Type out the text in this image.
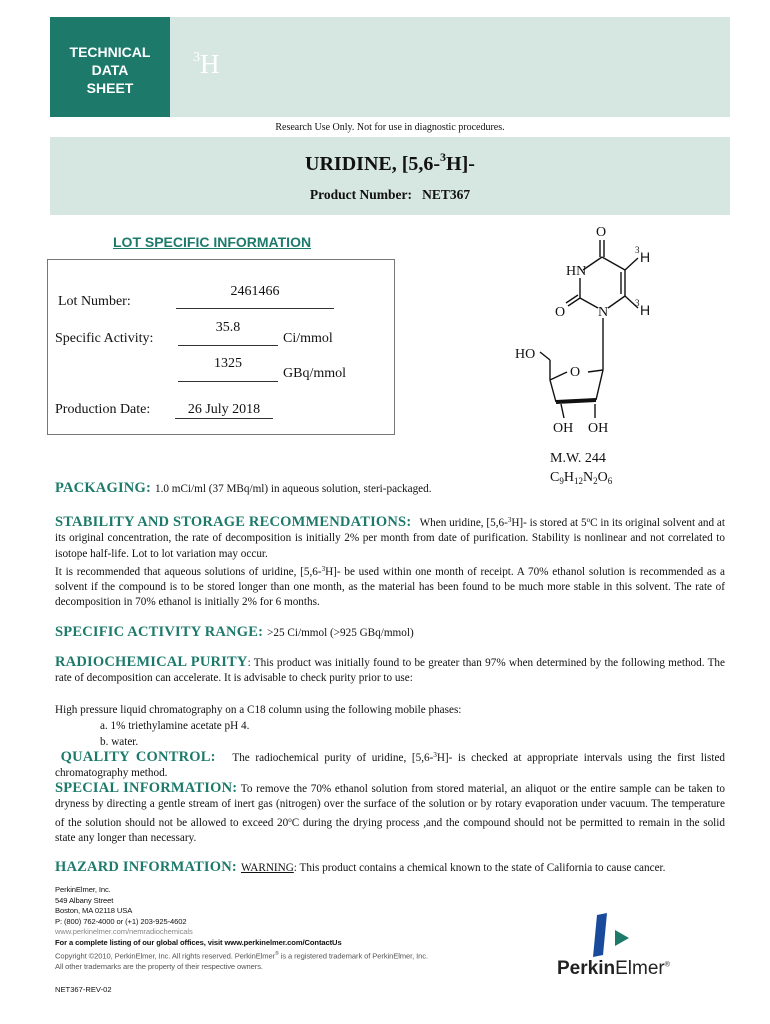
TECHNICAL
DATA
SHEET
$^3$H
Research Use Only. Not for use in diagnostic procedures.
URIDINE, [5,6-$^3$H]-
Product Number: NET367
LOT SPECIFIC INFORMATION
Lot Number:
2461466
Specific Activity:
35.8
Ci/mmol
1325
GBq/mmol
Production Date:	26 July 2018
O
3 H
HN
O N
3 H
HO
O
OH OH
M.W. 244
$C_9H_{12}N_2O_6$
PACKAGING: 1.0 mCi/ml (37 MBq/ml) in aqueous solution, steri-packaged.
STABILITY AND STORAGE RECOMMENDATIONS: When uridine, [5,6-$^3$H]- is stored at 5$^o$C in its original solvent and at its original concentration, the rate of decomposition is initially 2% per month from date of purification. Stability is nonlinear and not correlated to isotope half-life. Lot to lot variation may occur.
It is recommended that aqueous solutions of uridine, [5,6-$^3$H]- be used within one month of receipt. A 70% ethanol solution is recommended as a solvent if the compound is to be stored longer than one month, as the material has been found to be much more stable in this solvent. The rate of decomposition in 70% ethanol is initially 2% for 6 months.
SPECIFIC ACTIVITY RANGE: >25 Ci/mmol (>925 GBq/mmol)
RADIOCHEMICAL PURITY: This product was initially found to be greater than 97% when determined by the following method. The rate of decomposition can accelerate. It is advisable to check purity prior to use:
High pressure liquid chromatography on a C18 column using the following mobile phases:
a. 1% triethylamine acetate pH 4.
b. water.
QUALITY CONTROL: The radiochemical purity of uridine, [5,6-$^3$H]- is checked at appropriate intervals using the first listed chromatography method.
SPECIAL INFORMATION: To remove the 70% ethanol solution from stored material, an aliquot or the entire sample can be taken to dryness by directing a gentle stream of inert gas (nitrogen) over the surface of the solution or by rotary evaporation under vacuum. The temperature of the solution should not be allowed to exceed 20$^o$C during the drying process ,and the compound should not be permitted to remain in the solid state any longer than necessary.
HAZARD INFORMATION: WARNING: This product contains a chemical known to the state of California to cause cancer.
PerkinElmer, Inc.
549 Albany Street
Boston, MA 02118 USA
P: (800) 762-4000 or (+1) 203-925-4602
www.perkinelmer.com/nemradiochemicals
For a complete listing of our global offices, visit www.perkinelmer.com/ContactUs
Copyright ©2010, PerkinElmer, Inc. All rights reserved. PerkinElmer® is a registered trademark of PerkinElmer, Inc.
All other trademarks are the property of their respective owners.
NET367-REV-02
PerkinElmer®
